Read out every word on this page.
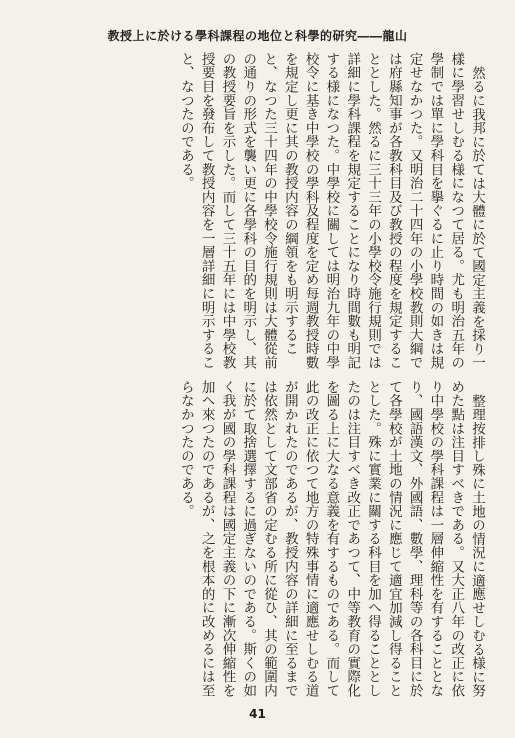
教授上に於ける學科課程の地位と科學的研究――龍山

然るに我邦に於ては大體に於て國定主義を採り一樣に學習せしむる様になつて居る。尤も明治五年の學制では單に學科目を擧ぐるに止り時間の如きは規定せなかつた。又明治二十四年の小學校教則大綱では府縣知事が各教科目及び教授の程度を規定することとした。然るに三十三年の小學校令施行規則では詳細に學科課程を規定することになり時間數も明記する様になつた。中學校に關しては明治九年の中學校令に基き中學校の學科及程度を定め每週教授時數を規定し更に其の教授内容の綱領をも明示すること、なつた三十四年の中學校令施行規則は大體從前の通りの形式を襲い更に各學科の目的を明示し、其の教授要旨を示した。而して三十五年には中學校教授要目を發布して教授内容を一層詳細に明示すること、なつたのである。

整理按排し殊に土地の情況に適應せしむる様に努めた點は注目すべきである。又大正八年の改正に依り中學校の學科課程は一層伸縮性を有することとなり、國語漢文、外國語、數學、理科等の各科目に於て各學校が土地の情況に應じて適宜加減し得ることとした。殊に實業に關する科目を加へ得ることとしたのは注目すべき改正であつて、中等教育の實際化を圖る上に大なる意義を有するものである。而して此の改正に依つて地方の特殊事情に適應せしむる道が開かれたのであるが、教授内容の詳細に至るまでは依然として文部省の定むる所に從ひ、其の範圍内に於て取捨選擇するに過ぎないのである。斯くの如く我が國の學科課程は國定主義の下に漸次伸縮性を加へ來つたのであるが、之を根本的に改めるには至らなかつたのである。

41
